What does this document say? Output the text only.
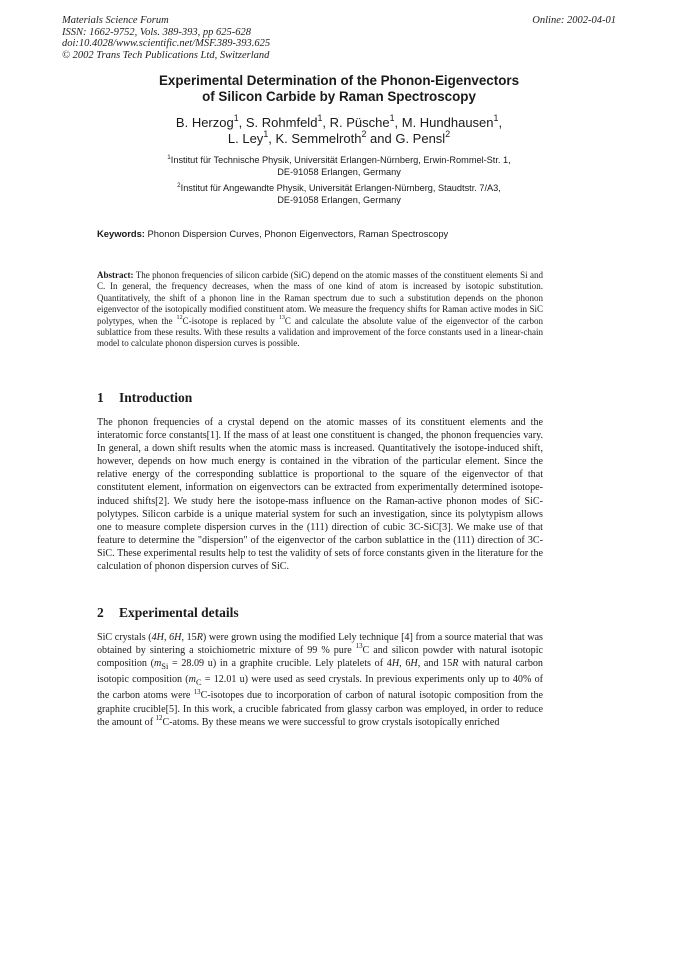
Materials Science Forum
ISSN: 1662-9752, Vols. 389-393, pp 625-628
doi:10.4028/www.scientific.net/MSF.389-393.625
© 2002 Trans Tech Publications Ltd, Switzerland
Online: 2002-04-01
Experimental Determination of the Phonon-Eigenvectors
of Silicon Carbide by Raman Spectroscopy
B. Herzog$^1$, S. Rohmfeld$^1$, R. Püsche$^1$, M. Hundhausen$^1$,
L. Ley$^1$, K. Semmelroth$^2$ and G. Pensl$^2$
$^1$Institut für Technische Physik, Universität Erlangen-Nürnberg, Erwin-Rommel-Str. 1,
DE-91058 Erlangen, Germany
$^2$Institut für Angewandte Physik, Universität Erlangen-Nürnberg, Staudtstr. 7/A3,
DE-91058 Erlangen, Germany
Keywords: Phonon Dispersion Curves, Phonon Eigenvectors, Raman Spectroscopy
Abstract: The phonon frequencies of silicon carbide (SiC) depend on the atomic masses of the constituent elements Si and C. In general, the frequency decreases, when the mass of one kind of atom is increased by isotopic substitution. Quantitatively, the shift of a phonon line in the Raman spectrum due to such a substitution depends on the phonon eigenvector of the isotopically modified constituent atom. We measure the frequency shifts for Raman active modes in SiC polytypes, when the $^{12}$C-isotope is replaced by $^{13}$C and calculate the absolute value of the eigenvector of the carbon sublattice from these results. With these results a validation and improvement of the force constants used in a linear-chain model to calculate phonon dispersion curves is possible.
1 Introduction

The phonon frequencies of a crystal depend on the atomic masses of its constituent elements and the interatomic force constants[1]. If the mass of at least one constituent is changed, the phonon frequencies vary. In general, a down shift results when the atomic mass is increased. Quantitatively the isotope-induced shift, however, depends on how much energy is contained in the vibration of the particular element. Since the relative energy of the corresponding sublattice is proportional to the square of the eigenvector of that constitutent element, information on eigenvectors can be extracted from experimentally determined isotope-induced shifts[2]. We study here the isotope-mass influence on the Raman-active phonon modes of SiC-polytypes. Silicon carbide is a unique material system for such an investigation, since its polytypism allows one to measure complete dispersion curves in the (111) direction of cubic 3C-SiC[3]. We make use of that feature to determine the "dispersion" of the eigenvector of the carbon sublattice in the (111) direction of 3C-SiC. These experimental results help to test the validity of sets of force constants given in the literature for the calculation of phonon dispersion curves of SiC.

2 Experimental details

SiC crystals (4H, 6H, 15R) were grown using the modified Lely technique [4] from a source material that was obtained by sintering a stoichiometric mixture of 99 % pure $^{13}$C and silicon powder with natural isotopic composition ($m_{Si} = 28.09$ u) in a graphite crucible. Lely platelets of 4H, 6H, and 15R with natural carbon isotopic composition ($m_C = 12.01$ u) were used as seed crystals. In previous experiments only up to 40% of the carbon atoms were $^{13}$C-isotopes due to incorporation of carbon of natural isotopic composition from the graphite crucible[5]. In this work, a crucible fabricated from glassy carbon was employed, in order to reduce the amount of $^{12}$C-atoms. By these means we were successful to grow crystals isotopically enriched
